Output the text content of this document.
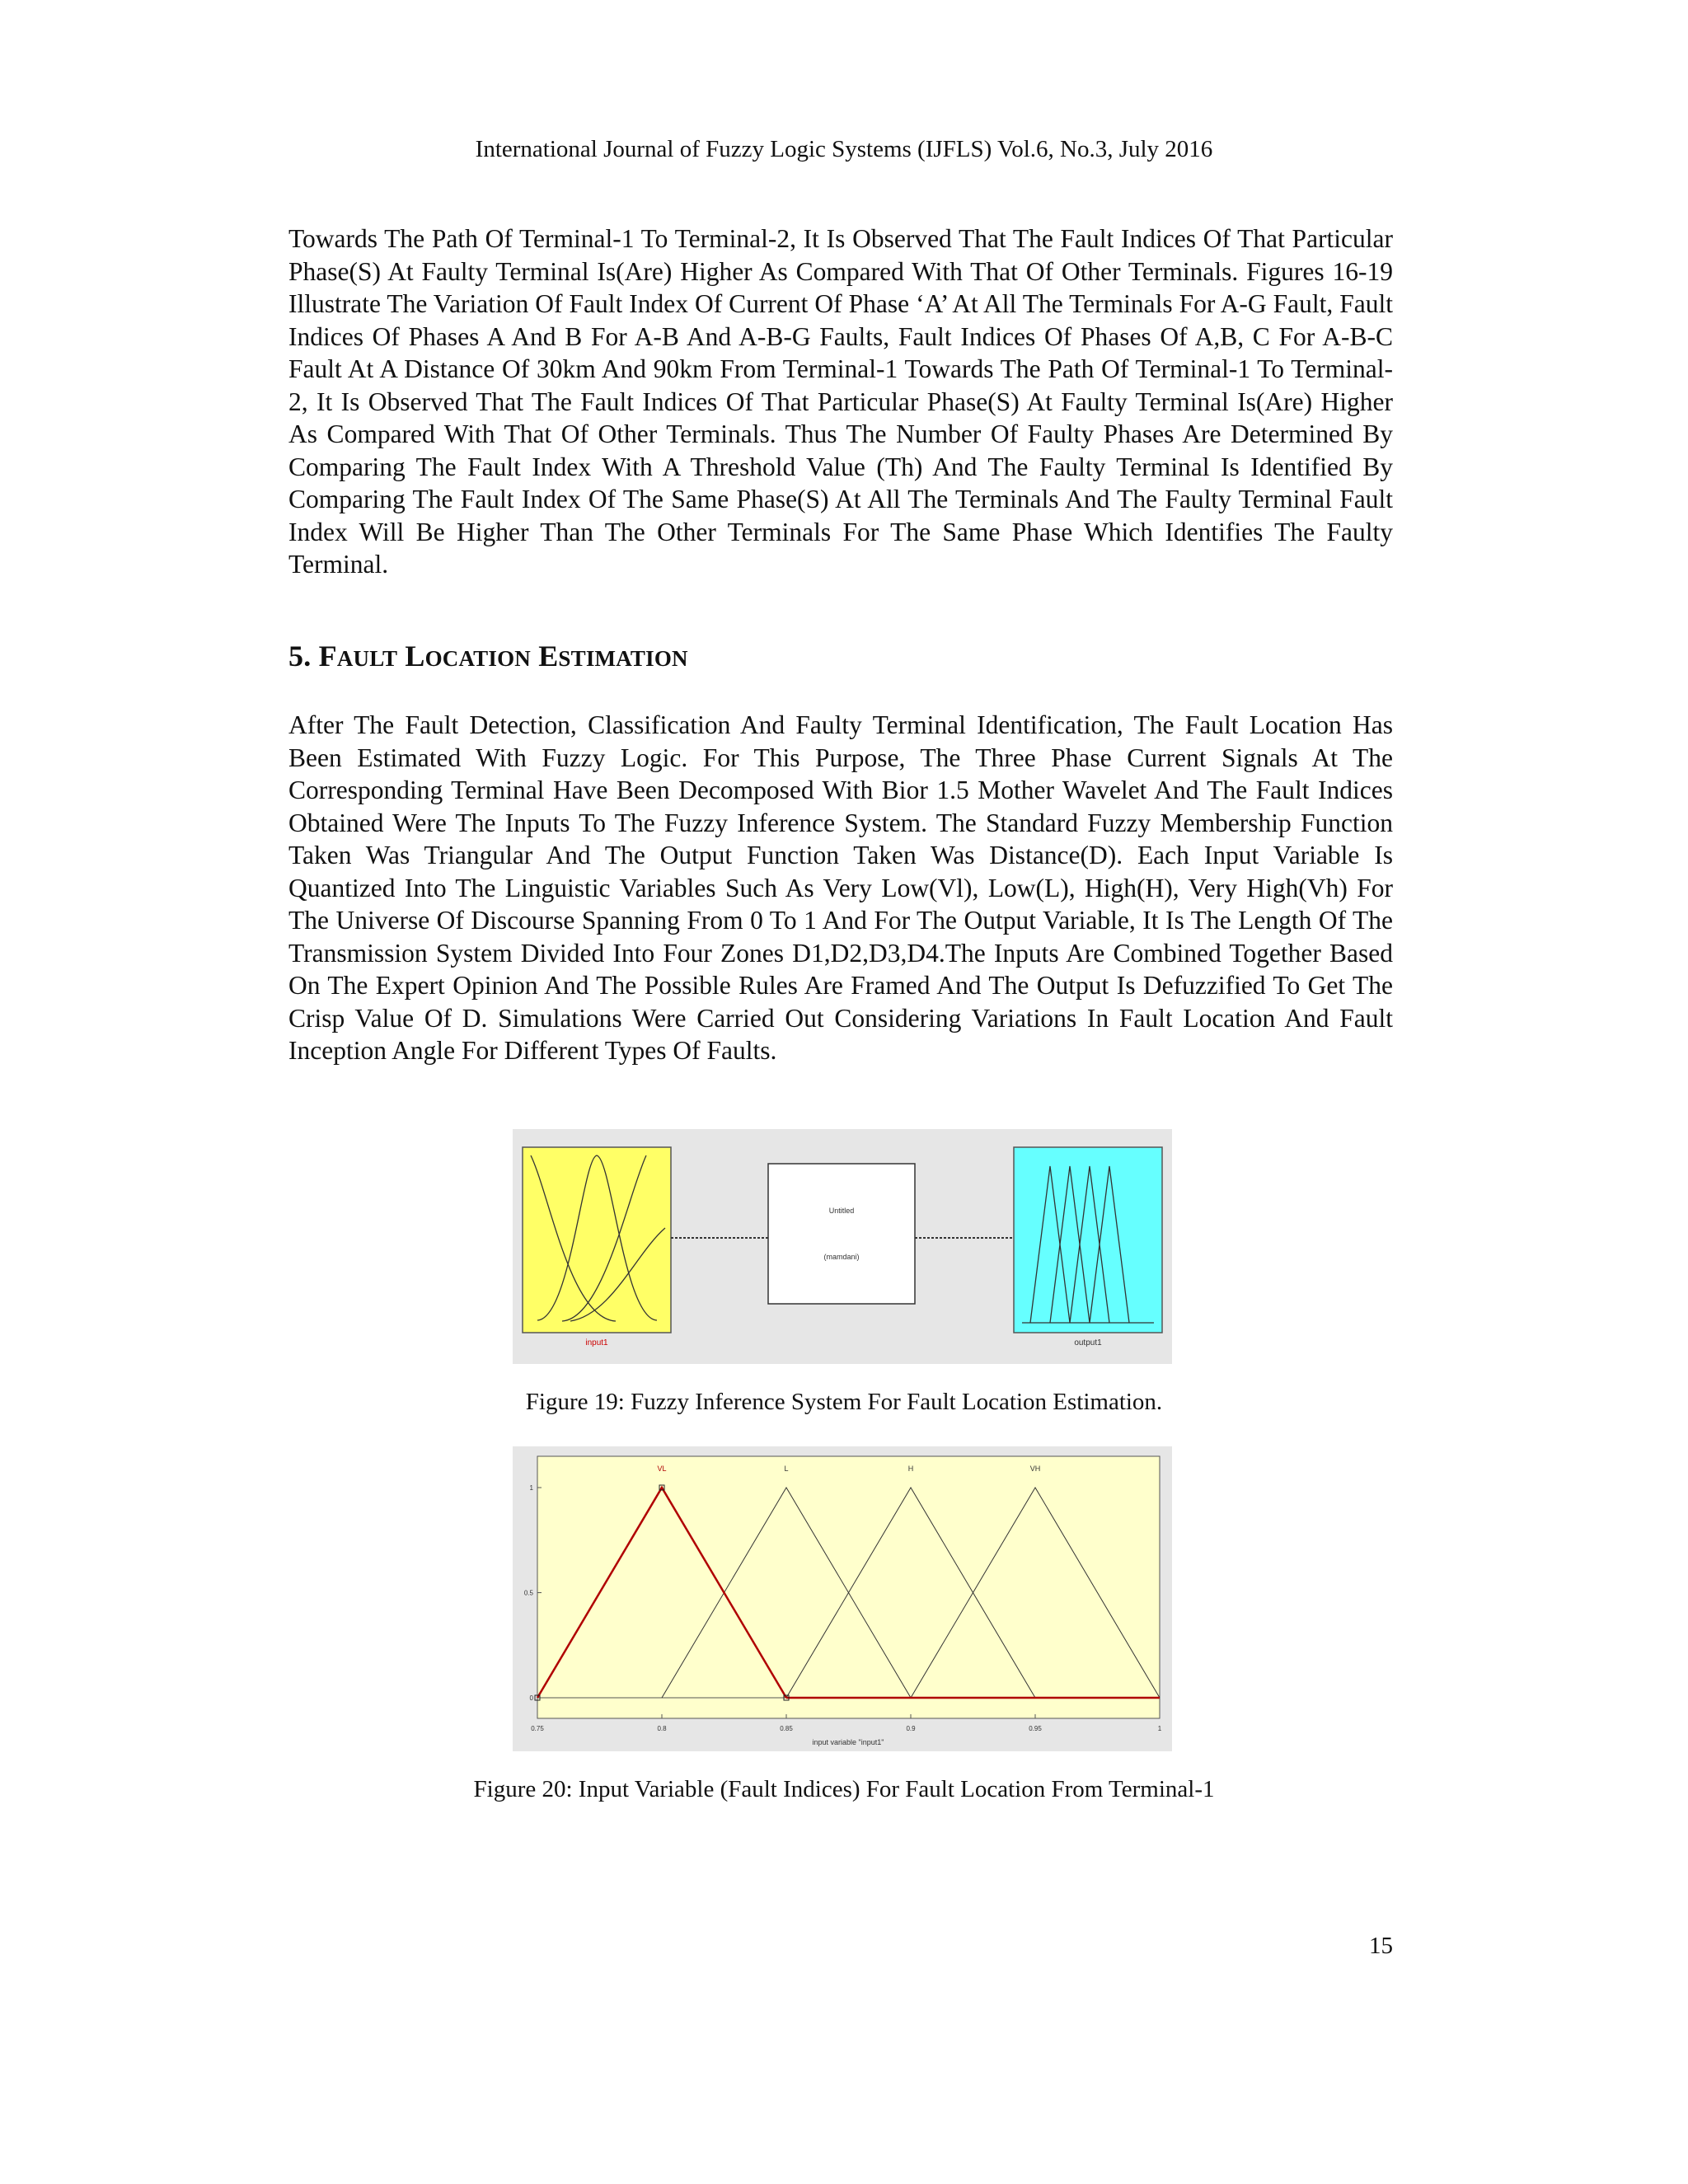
International Journal of Fuzzy Logic Systems (IJFLS) Vol.6, No.3, July 2016

Towards The Path Of Terminal-1 To Terminal-2, It Is Observed That The Fault Indices Of That Particular Phase(S) At Faulty Terminal Is(Are) Higher As Compared With That Of Other Terminals. Figures 16-19 Illustrate The Variation Of Fault Index Of Current Of Phase ‘A’ At All The Terminals For A-G Fault, Fault Indices Of Phases A And B For A-B And A-B-G Faults, Fault Indices Of Phases Of A,B, C For A-B-C Fault At A Distance Of 30km And 90km From Terminal-1 Towards The Path Of Terminal-1 To Terminal-2, It Is Observed That The Fault Indices Of That Particular Phase(S) At Faulty Terminal Is(Are) Higher As Compared With That Of Other Terminals. Thus The Number Of Faulty Phases Are Determined By Comparing The Fault Index With A Threshold Value (Th) And The Faulty Terminal Is Identified By Comparing The Fault Index Of The Same Phase(S) At All The Terminals And The Faulty Terminal Fault Index Will Be Higher Than The Other Terminals For The Same Phase Which Identifies The Faulty Terminal.

5. FAULT LOCATION ESTIMATION

After The Fault Detection, Classification And Faulty Terminal Identification, The Fault Location Has Been Estimated With Fuzzy Logic. For This Purpose, The Three Phase Current Signals At The Corresponding Terminal Have Been Decomposed With Bior 1.5 Mother Wavelet And The Fault Indices Obtained Were The Inputs To The Fuzzy Inference System. The Standard Fuzzy Membership Function Taken Was Triangular And The Output Function Taken Was Distance(D). Each Input Variable Is Quantized Into The Linguistic Variables Such As Very Low(Vl), Low(L), High(H), Very High(Vh) For The Universe Of Discourse Spanning From 0 To 1 And For The Output Variable, It Is The Length Of The Transmission System Divided Into Four Zones D1,D2,D3,D4.The Inputs Are Combined Together Based On The Expert Opinion And The Possible Rules Are Framed And The Output Is Defuzzified To Get The Crisp Value Of D. Simulations Were Carried Out Considering Variations In Fault Location And Fault Inception Angle For Different Types Of Faults.

input1
Untitled
(mamdani)
output1
Figure 19: Fuzzy Inference System For Fault Location Estimation.
0.75	0.8	0.85	0.9	0.95	1
0
0.5
1
L	H	VH
VL
input variable "input1"
Figure 20: Input Variable (Fault Indices) For Fault Location From Terminal-1
15
